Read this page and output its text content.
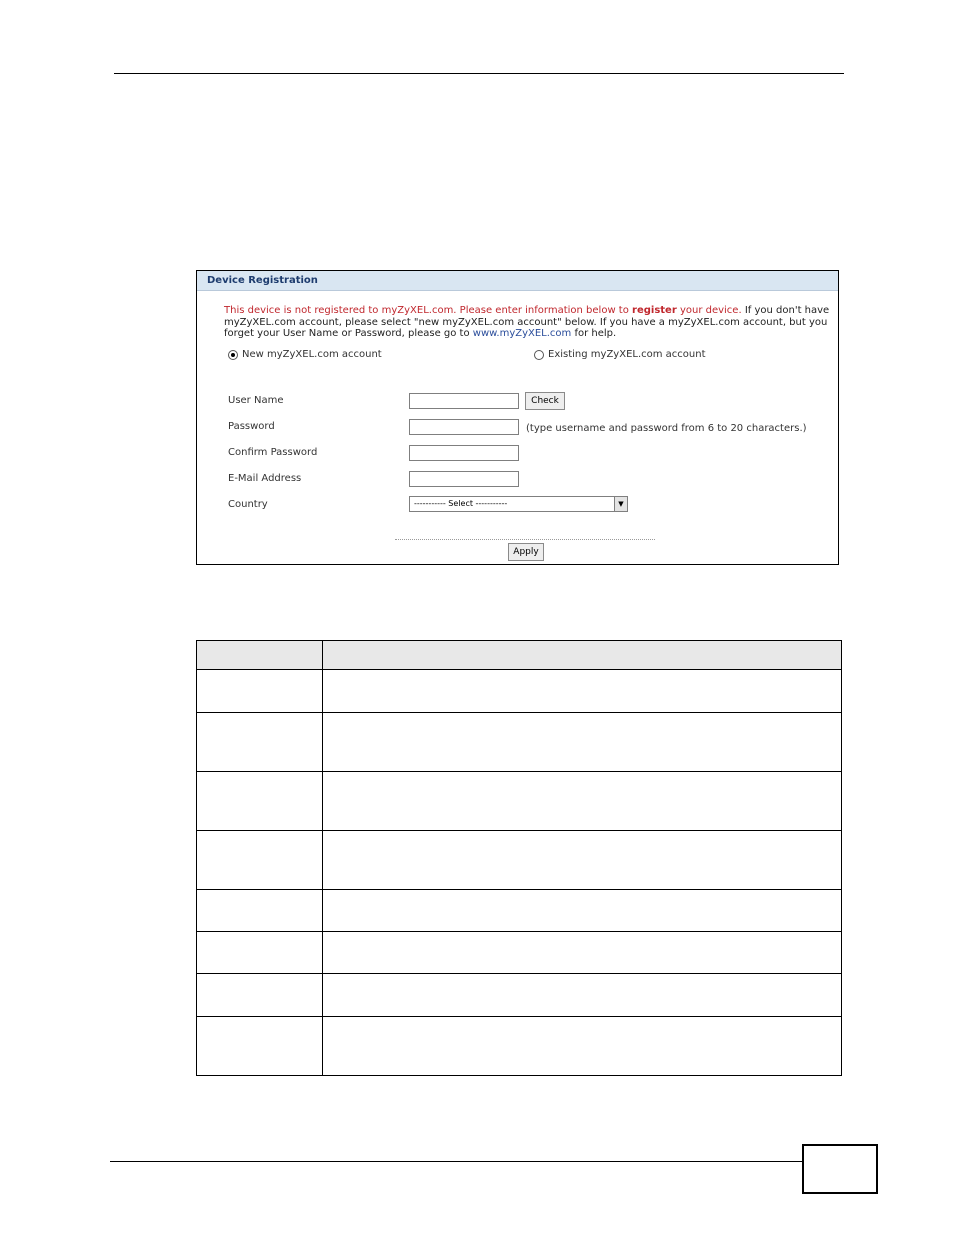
Device Registration
This device is not registered to myZyXEL.com. Please enter information below to register your device. If you don't have myZyXEL.com account, please select "new myZyXEL.com account" below. If you have a myZyXEL.com account, but you forget your User Name or Password, please go to www.myZyXEL.com for help.
New myZyXEL.com account	Existing myZyXEL.com account
User Name	Check
Password	(type username and password from 6 to 20 characters.)
Confirm Password
E-Mail Address
Country	----------- Select -----------	▼
Apply
